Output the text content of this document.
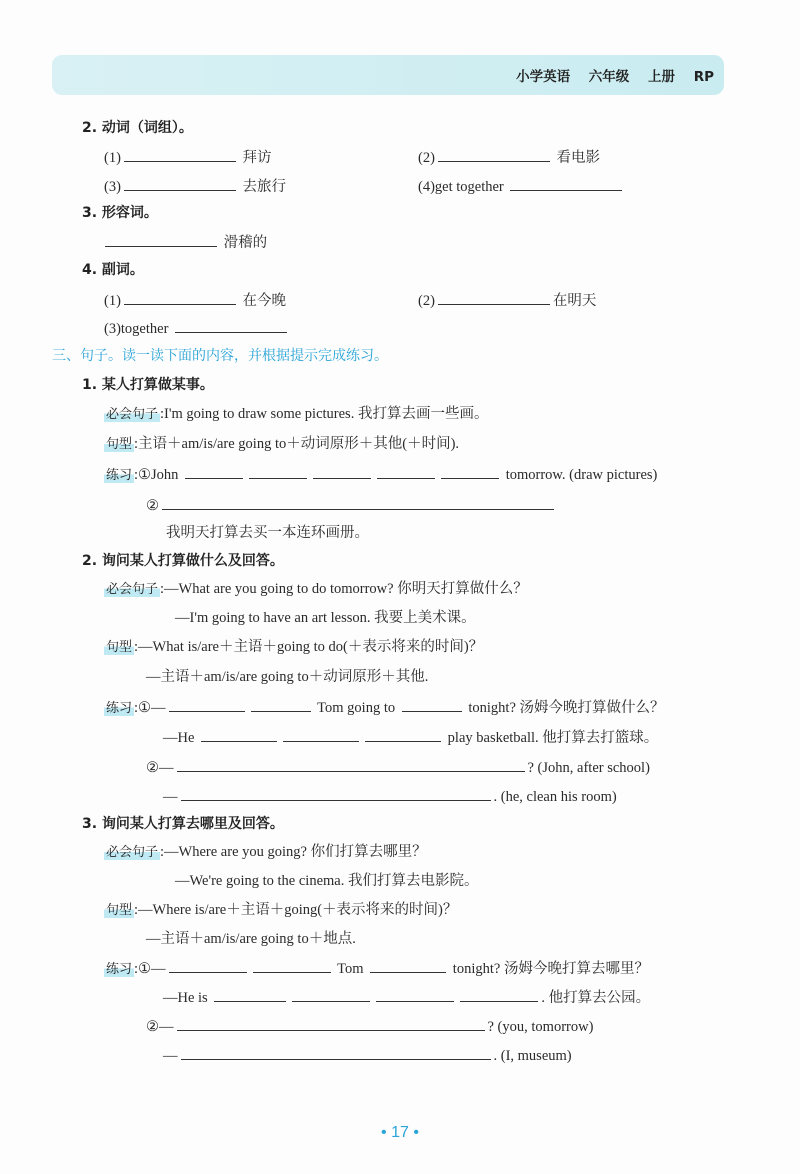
小学英语 六年级 上册 RP
2. 动词（词组）。
(1)	拜访	(2)	看电影
(3)	去旅行	(4)get together
3. 形容词。
滑稽的
4. 副词。
(1)	在今晚	(2)	在明天
(3)together
三、句子。读一读下面的内容，并根据提示完成练习。
1. 某人打算做某事。
必会句子 :I'm going to draw some pictures. 我打算去画一些画。
句型 :主语＋am/is/are going to＋动词原形＋其他(＋时间).
练习 :①John	tomorrow. (draw pictures)
②
我明天打算去买一本连环画册。
2. 询问某人打算做什么及回答。
必会句子 :—What are you going to do tomorrow? 你明天打算做什么？
—I'm going to have an art lesson. 我要上美术课。
句型 :—What is/are＋主语＋going to do(＋表示将来的时间)？
—主语＋am/is/are going to＋动词原形＋其他.
练习 :①—	Tom going to	tonight? 汤姆今晚打算做什么？
—He	play basketball. 他打算去打篮球。
②—	? (John, after school)
—	. (he, clean his room)
3. 询问某人打算去哪里及回答。
必会句子 :—Where are you going? 你们打算去哪里？
—We're going to the cinema. 我们打算去电影院。
句型 :—Where is/are＋主语＋going(＋表示将来的时间)？
—主语＋am/is/are going to＋地点.
练习 :①—	Tom	tonight? 汤姆今晚打算去哪里？
—He is	. 他打算去公园。
②—	? (you, tomorrow)
—	. (I, museum)
• 17 •
